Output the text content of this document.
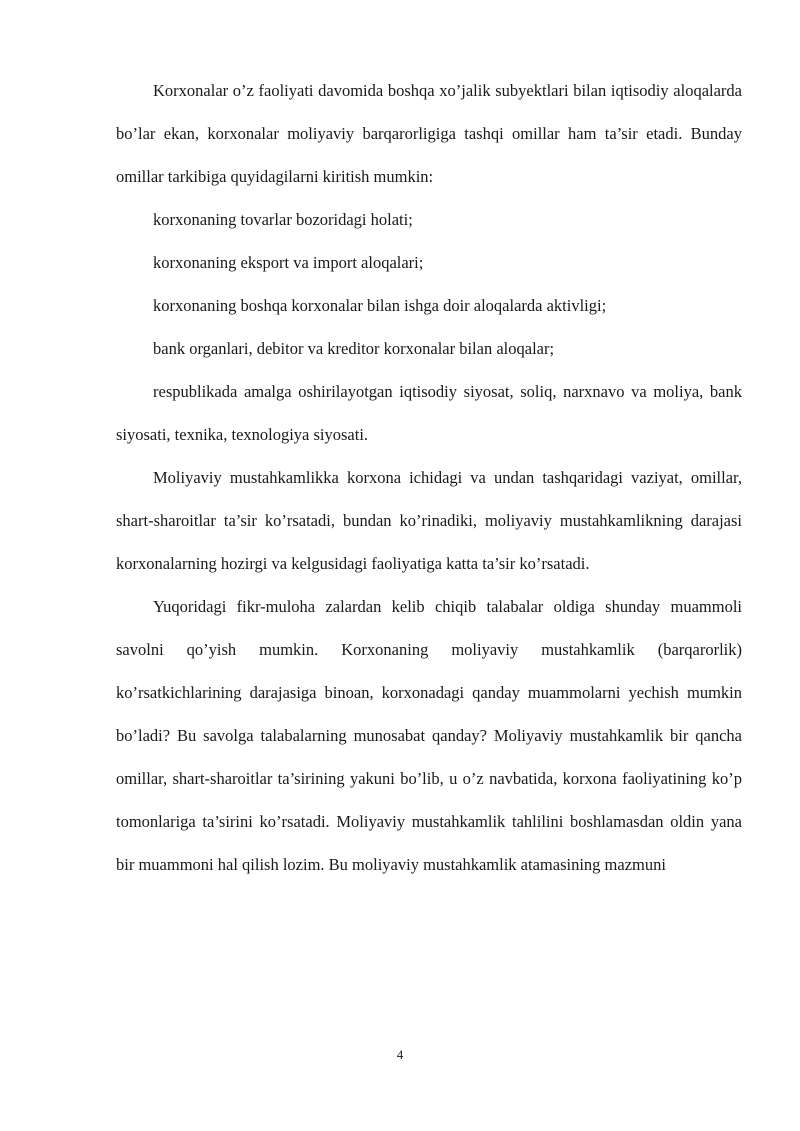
Korxonalar o’z faoliyati davomida boshqa xo’jalik subyektlari bilan iqtisodiy aloqalarda bo’lar ekan, korxonalar moliyaviy barqarorligiga tashqi omillar ham ta’sir etadi. Bunday omillar tarkibiga quyidagilarni kiritish mumkin:

korxonaning tovarlar bozoridagi holati;

korxonaning eksport va import aloqalari;

korxonaning boshqa korxonalar bilan ishga doir aloqalarda aktivligi;

bank organlari, debitor va kreditor korxonalar bilan aloqalar;

respublikada amalga oshirilayotgan iqtisodiy siyosat, soliq, narxnavo va moliya, bank siyosati, texnika, texnologiya siyosati.

Moliyaviy mustahkamlikka korxona ichidagi va undan tashqaridagi vaziyat, omillar, shart-sharoitlar ta’sir ko’rsatadi, bundan ko’rinadiki, moliyaviy mustahkamlikning darajasi korxonalarning hozirgi va kelgusidagi faoliyatiga katta ta’sir ko’rsatadi.

Yuqoridagi fikr-muloha zalardan kelib chiqib talabalar oldiga shunday muammoli savolni qo’yish mumkin. Korxonaning moliyaviy mustahkamlik (barqarorlik) ko’rsatkichlarining darajasiga binoan, korxonadagi qanday muammolarni yechish mumkin bo’ladi? Bu savolga talabalarning munosabat qanday? Moliyaviy mustahkamlik bir qancha omillar, shart-sharoitlar ta’sirining yakuni bo’lib, u o’z navbatida, korxona faoliyatining ko’p tomonlariga ta’sirini ko’rsatadi. Moliyaviy mustahkamlik tahlilini boshlamasdan oldin yana bir muammoni hal qilish lozim. Bu moliyaviy mustahkamlik atamasining mazmuni

4
